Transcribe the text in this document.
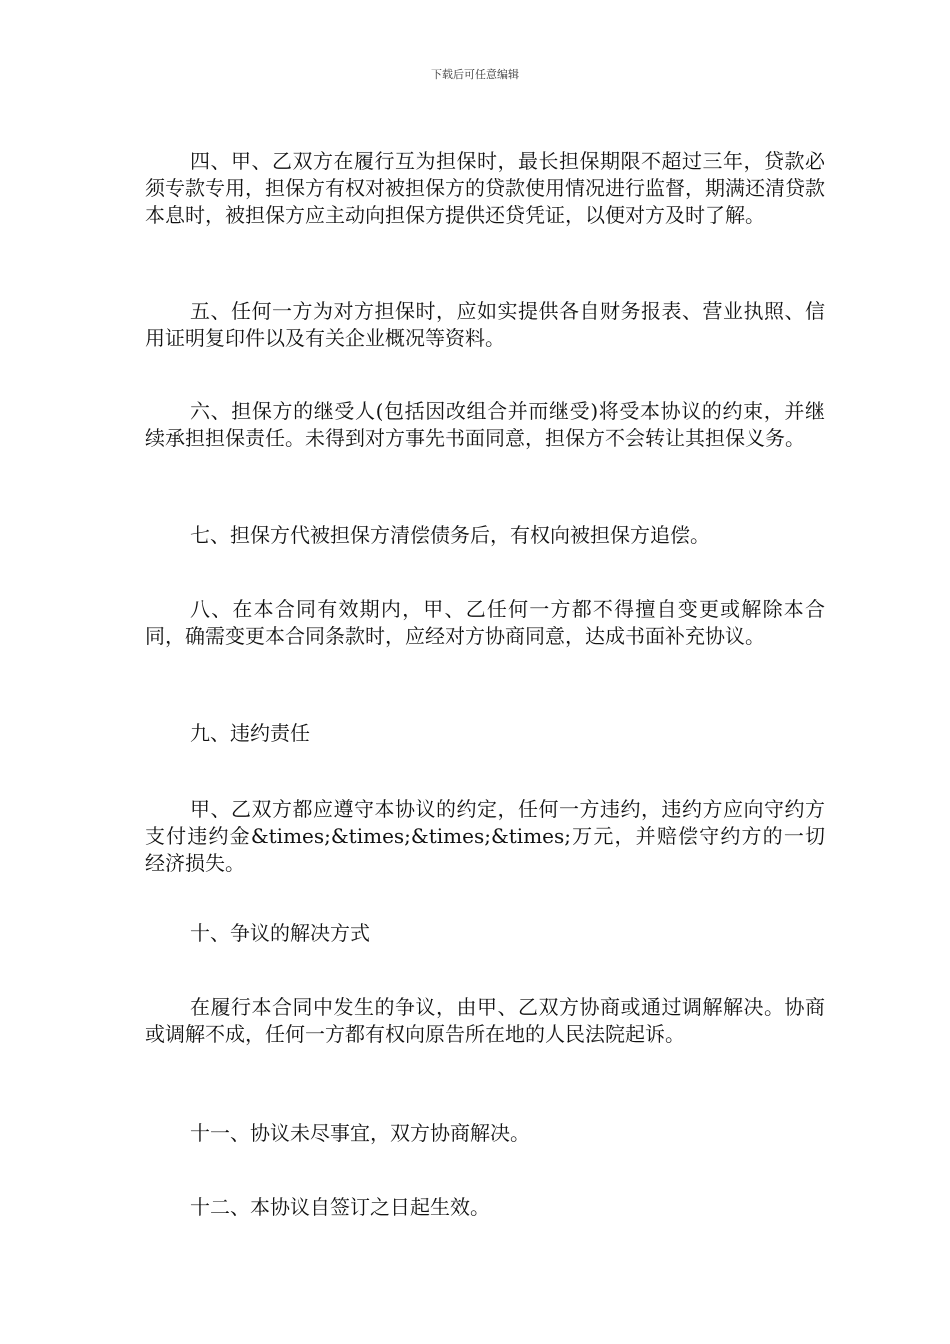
下载后可任意编辑

四、甲、乙双方在履行互为担保时，最长担保期限不超过三年，贷款必须专款专用，担保方有权对被担保方的贷款使用情况进行监督，期满还清贷款本息时，被担保方应主动向担保方提供还贷凭证，以便对方及时了解。

五、任何一方为对方担保时，应如实提供各自财务报表、营业执照、信用证明复印件以及有关企业概况等资料。

六、担保方的继受人(包括因改组合并而继受)将受本协议的约束，并继续承担担保责任。未得到对方事先书面同意，担保方不会转让其担保义务。

七、担保方代被担保方清偿债务后，有权向被担保方追偿。

八、在本合同有效期内，甲、乙任何一方都不得擅自变更或解除本合同，确需变更本合同条款时，应经对方协商同意，达成书面补充协议。

九、违约责任

甲、乙双方都应遵守本协议的约定，任何一方违约，违约方应向守约方支付违约金&times;&times;&times;&times;万元，并赔偿守约方的一切经济损失。

十、争议的解决方式

在履行本合同中发生的争议，由甲、乙双方协商或通过调解解决。协商或调解不成，任何一方都有权向原告所在地的人民法院起诉。

十一、协议未尽事宜，双方协商解决。

十二、本协议自签订之日起生效。
